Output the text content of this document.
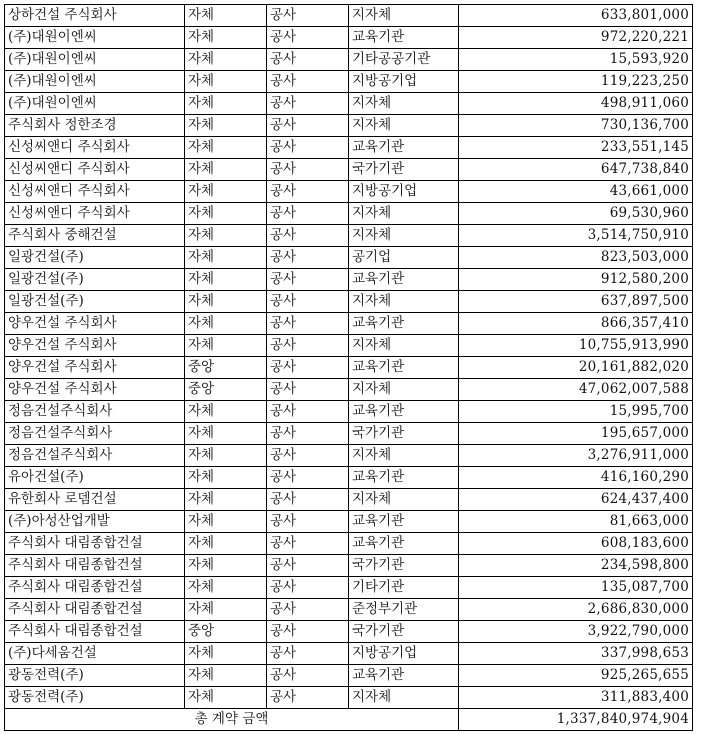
상하건설 주식회사	자체	공사	지자체	633,801,000
(주)대원이엔씨	자체	공사	교육기관	972,220,221
(주)대원이엔씨	자체	공사	기타공공기관	15,593,920
(주)대원이엔씨	자체	공사	지방공기업	119,223,250
(주)대원이엔씨	자체	공사	지자체	498,911,060
주식회사 정한조경	자체	공사	지자체	730,136,700
신성씨앤디 주식회사	자체	공사	교육기관	233,551,145
신성씨앤디 주식회사	자체	공사	국가기관	647,738,840
신성씨앤디 주식회사	자체	공사	지방공기업	43,661,000
신성씨앤디 주식회사	자체	공사	지자체	69,530,960
주식회사 중해건설	자체	공사	지자체	3,514,750,910
일광건설(주)	자체	공사	공기업	823,503,000
일광건설(주)	자체	공사	교육기관	912,580,200
일광건설(주)	자체	공사	지자체	637,897,500
양우건설 주식회사	자체	공사	교육기관	866,357,410
양우건설 주식회사	자체	공사	지자체	10,755,913,990
양우건설 주식회사	중앙	공사	교육기관	20,161,882,020
양우건설 주식회사	중앙	공사	지자체	47,062,007,588
정음건설주식회사	자체	공사	교육기관	15,995,700
정음건설주식회사	자체	공사	국가기관	195,657,000
정음건설주식회사	자체	공사	지자체	3,276,911,000
유아건설(주)	자체	공사	교육기관	416,160,290
유한회사 로뎀건설	자체	공사	지자체	624,437,400
(주)아성산업개발	자체	공사	교육기관	81,663,000
주식회사 대림종합건설	자체	공사	교육기관	608,183,600
주식회사 대림종합건설	자체	공사	국가기관	234,598,800
주식회사 대림종합건설	자체	공사	기타기관	135,087,700
주식회사 대림종합건설	자체	공사	준정부기관	2,686,830,000
주식회사 대림종합건설	중앙	공사	국가기관	3,922,790,000
(주)다세움건설	자체	공사	지방공기업	337,998,653
광동전력(주)	자체	공사	교육기관	925,265,655
광동전력(주)	자체	공사	지자체	311,883,400
총 계약 금액				1,337,840,974,904
